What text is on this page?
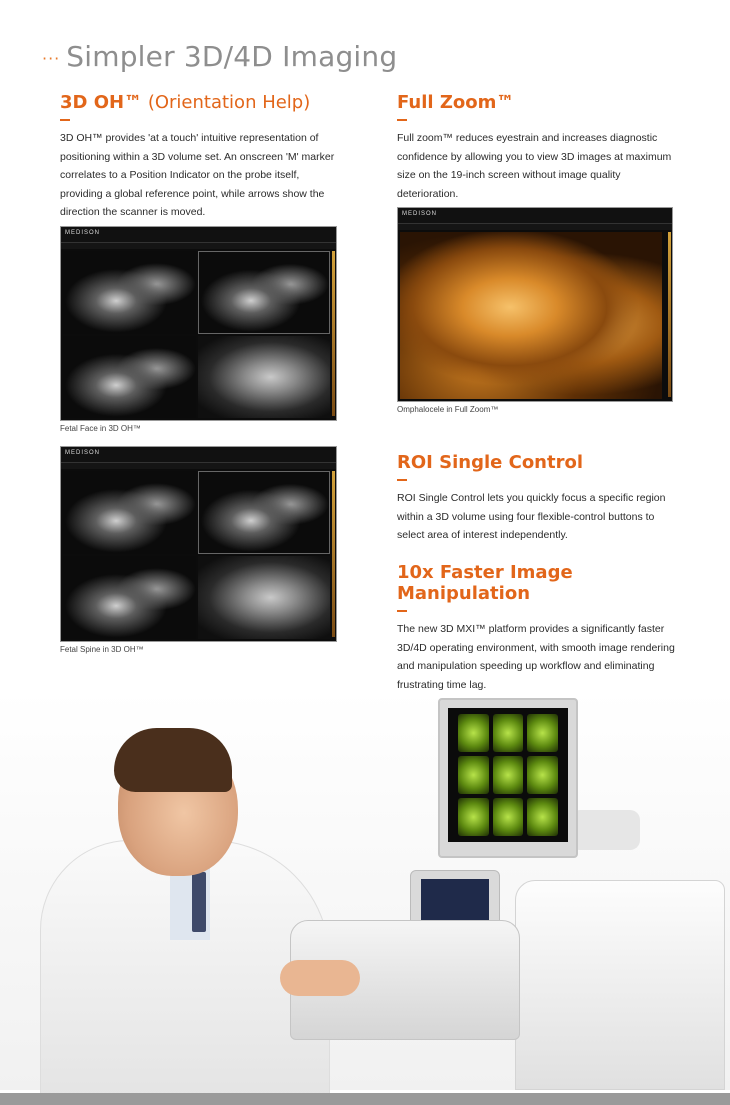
··· Simpler 3D/4D Imaging
3D OH™ (Orientation Help)

3D OH™ provides 'at a touch' intuitive representation of positioning within a 3D volume set. An onscreen 'M' marker correlates to a Position Indicator on the probe itself, providing a global reference point, while arrows show the direction the scanner is moved.

MEDISON
Fetal Face in 3D OH™
MEDISON
Fetal Spine in 3D OH™
Full Zoom™

Full zoom™ reduces eyestrain and increases diagnostic confidence by allowing you to view 3D images at maximum size on the 19-inch screen without image quality deterioration.

MEDISON
Omphalocele in Full Zoom™
ROI Single Control

ROI Single Control lets you quickly focus a specific region within a 3D volume using four flexible-control buttons to select area of interest independently.

10x Faster Image Manipulation

The new 3D MXI™ platform provides a significantly faster 3D/4D operating environment, with smooth image rendering and manipulation speeding up workflow and eliminating frustrating time lag.
